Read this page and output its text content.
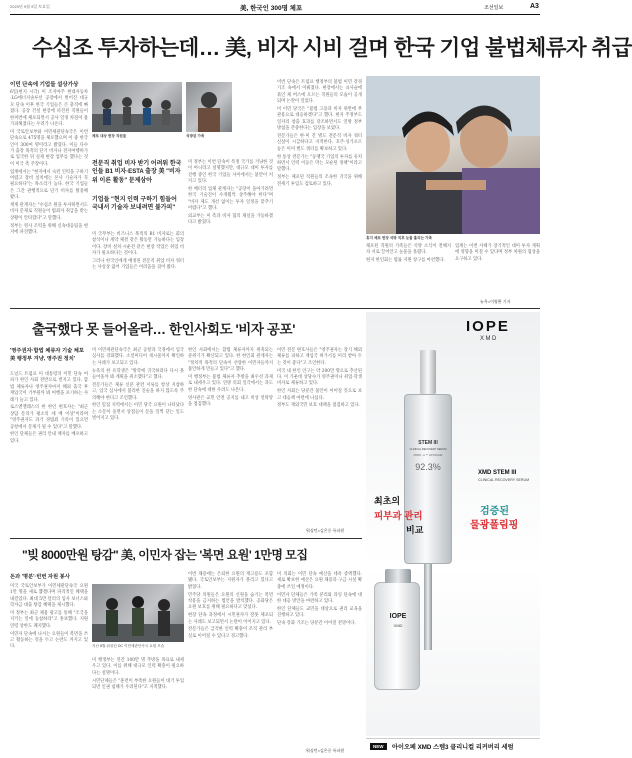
2023년 9월 9일 토요일	美, 한국인 300명 체포	조선일보	A3
수십조 투자하는데… 美, 비자 시비 걸며 한국 기업 불법체류자 취급
이민 단속에 기업들 설상가상

6일(현지 시각) 미 조지아주 현대자동차·LG에너지솔루션 공장에서 벌어진 대규모 단속 이후 한국 기업들은 큰 충격에 빠졌다. 공장 건설 현장에 파견된 직원들이 한꺼번에 체포되면서 공사 일정 차질이 불가피해졌다는 우려가 나온다.

미 국토안보부와 이민세관단속국은 이번 단속으로 475명을 체포했으며 이 중 한국인이 300여 명이라고 밝혔다. 이들 다수가 출장 목적의 단기 비자나 전자여행허가로 입국한 뒤 실제 현장 업무를 했다는 것이 미국 측 주장이다.

업계에서는 "현지에서 숙련 인력을 구하기 어렵고 장비 설치에는 본사 기술자가 꼭 필요하다"는 목소리가 높다. 한국 기업들은 그간 관행적으로 단기 비자를 활용해 왔다.

재계 관계자는 "수십조 원을 투자하면서도 비자 문제로 직원들이 범죄자 취급을 받는 상황이 안타깝다"고 말했다.

정부는 영사 조력을 위해 신속대응팀을 현지에 파견했다.

체포 대상 현장 직원들	석방된 가족
전문직 취업 비자 받기 어려워 한국인들 B1 비자·ESTA 출장 美 "비자 위 이른 활동" 문제삼아
기업들 "현지 인력 구하기 힘들어 국내서 기술자 보내려면 불가피"

미 국무부는 비즈니스 목적의 B1 비자로는 회의 참석이나 계약 체결 같은 활동만 가능하다는 입장이다. 장비 설치·시운전 같은 현장 작업은 취업 비자가 필요하다는 것이다.

그러나 한국인에게 배정된 전문직 취업 비자 쿼터는 사실상 없어 기업들은 어려움을 겪어 왔다.

미 정부는 이번 단속이 특정 국가를 겨냥한 것이 아니라고 설명했지만, 대규모 대미 투자를 진행 중인 한국 기업들 사이에서는 불만이 커지고 있다.

한 배터리 업체 관계자는 "공장이 돌아가려면 한국 기술진이 수개월씩 상주해야 한다"며 "비자 제도 개선 없이는 투자 일정을 맞추기 어렵다"고 했다.

외교부는 미 측과 비자 협의 채널을 가동하겠다고 밝혔다.

이번 단속은 트럼프 행정부의 불법 이민 강경 기조 속에서 이뤄졌다. 현장에서는 쇠사슬에 묶인 채 버스에 오르는 직원들의 모습이 공개되며 논란이 일었다.

미 이민 당국은 "불법 고용과 비자 위반에 무관용으로 대응하겠다"고 했다. 현지 주정부도 일자리 창출 효과를 강조하면서도 연방 정부 방침을 존중한다는 입장을 보였다.

전문가들은 한·미 간 별도 전문직 비자 쿼터 신설이 시급하다고 지적한다. 호주·싱가포르 등은 이미 별도 쿼터를 확보하고 있다.

한 통상 전문가는 "동맹국 기업의 투자를 유치하면서 인력 이동은 막는 모순된 정책"이라고 말했다.

정부는 체포된 직원들의 조속한 귀국을 위해 전세기 투입도 검토하고 있다.

휴지 체포 현장 석방 직후 눈물 흘리는 가족

체포된 직원의 가족들은 석방 소식이 전해지자 서로 끌어안고 눈물을 흘렸다.

현지 한인회는 법률 지원 창구를 마련했다.

업계는 이번 사태가 장기적인 대미 투자 계획에 영향을 미칠 수 있다며 정부 차원의 협상을 요구하고 있다.

뉴욕=이영완 기자
출국했다 못 들어올라… 한인사회도 '비자 공포'
'영주권자·합법 체류자 기술 체포 美 행정부 겨냥, 영주권 정치'

도널드 트럼프 미 대통령의 이민 단속 여파가 한인 사회 전반으로 번지고 있다. 합법 체류자나 영주권자마저 해외 출국 후 재입국이 거부될까 봐 여행을 포기하는 사례가 늘고 있다.

로스앤젤레스의 한 한인 변호사는 "최근 상담 문의가 평소의 세 배 이상"이라며 "영주권자도 과거 경범죄 기록이 있으면 공항에서 문제가 될 수 있다"고 말했다.

한인 단체들은 권리 안내 책자를 배포하고 있다.

미 이민세관단속국은 최근 공항과 국경에서 입국 심사를 강화했다. 소셜미디어 게시물까지 확인하는 사례가 보고되고 있다.

뉴욕의 한 유학생은 "방학에 귀국하려다 다시 못 들어올까 봐 계획을 취소했다"고 했다.

전문가들은 체류 신분 관련 서류를 항상 지참하고, 입국 심사에서 불리한 진술을 하지 않도록 주의해야 한다고 조언했다.

한인 밀집 지역에서는 이민 당국 요원이 나타났다는 소문이 돌면서 상점들이 문을 일찍 닫는 일도 벌어지고 있다.

한인 사회에서는 합법 체류자까지 위축되는 분위기가 확산되고 있다. 한 한인회 관계자는 "정치적 목적의 단속이 선량한 이민자들까지 불안하게 만들고 있다"고 했다.

미 행정부는 불법 체류자 추방을 최우선 과제로 내세우고 있다. 연방 의회 일각에서는 과도한 단속에 대한 우려도 나온다.

영사관은 교민 안전 공지를 내고 비상 연락망을 점검했다.

이민 전문 변호사들은 "영주권자는 장기 해외 체류를 피하고 재입국 허가서를 미리 받아 두는 것이 좋다"고 조언한다.

미국 내 한인 인구는 약 200만 명으로 추산된다. 이 가운데 상당수가 영주권이나 취업·학생 비자로 체류하고 있다.

한인 사회는 당분간 불안이 이어질 것으로 보고 대응책 마련에 나섰다.

정부도 재외국민 보호 대책을 점검하고 있다.

워싱턴=김은중 특파원
"빚 8000만원 탕감" 美, 이민자 잡는 '복면 요원' 1만명 모집
돈과 '명분'·빈번 자원 봉사

미국 국토안보부가 이민세관단속국 요원 1만 명을 새로 뽑겠다며 파격적인 혜택을 내걸었다. 최대 5만 달러의 입사 보너스와 학자금 대출 탕감 혜택을 제시했다.

미 정부는 최근 채용 광고를 통해 "조국을 지키는 일에 동참하라"고 홍보했다. 지원 연령 상한도 폐지했다.

이민자 단속에 나서는 요원들이 복면을 쓰고 활동하는 것을 두고 논란도 커지고 있다.	지난 8월 워싱턴 DC 이민세관단속국 요원 모습

미 행정부는 연간 100만 명 추방을 목표로 내세우고 있다. 이를 위해 대규모 인력 확충이 필요하다는 설명이다.

시민단체들은 "훈련이 부족한 요원들이 대거 투입되면 인권 침해가 우려된다"고 지적했다.

이번 채용에는 은퇴한 요원의 재고용도 포함됐다. 국토안보부는 지원자가 몰리고 있다고 밝혔다.

민주당 의원들은 요원의 신원을 숨기는 복면 착용을 금지하는 법안을 발의했다. 공화당은 요원 보호를 위해 필요하다고 맞섰다.

현장 단속 과정에서 시민권자가 잘못 체포되는 사례도 보고되면서 논란이 이어지고 있다.

전문가들은 급격한 인력 확충이 조직 관리 부실로 이어질 수 있다고 경고했다.

미 의회는 이민 단속 예산을 대폭 증액했다. 새로 확보한 예산은 요원 채용과 구금 시설 확충에 쓰일 예정이다.

이민자 단체들은 가족 분리와 과잉 단속에 대한 대응 방안을 마련하고 있다.

한인 단체들도 교민을 대상으로 권리 교육을 진행하고 있다.

단속 강화 기조는 당분간 이어질 전망이다.

워싱턴=김은중 특파원
IOPE
XMD
STEM III
CLINICAL RECOVERY SERUM
PDRN - A.™ LIPOSOME
92.3%
최초의
피부과 관리
비교
XMD STEM III
CLINICAL RECOVERY SERUM
검증된
물광폴림핑
IOPE
XMD
NEW	아이오페 XMD 스템3 클리니컬 리커버리 세럼
